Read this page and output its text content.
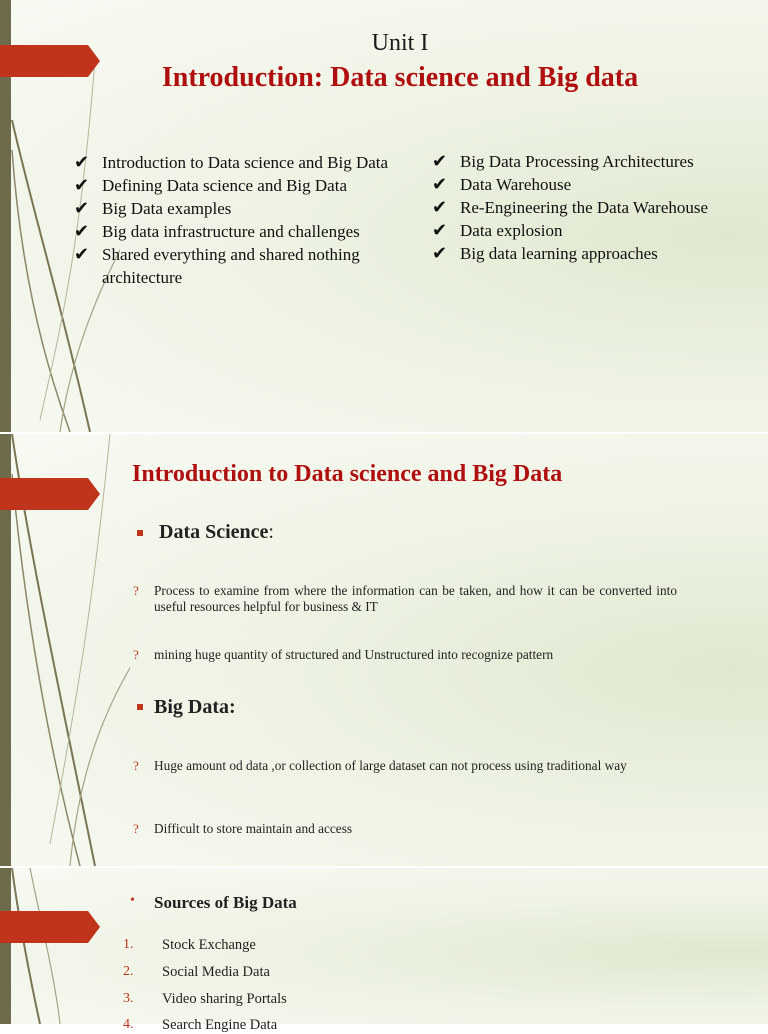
Unit I
Introduction: Data science and Big data
✔ Introduction to Data science and Big Data
✔ Defining Data science and Big Data
✔ Big Data examples
✔ Big data infrastructure and challenges
✔ Shared everything and shared nothing
architecture
✔ Big Data Processing Architectures
✔ Data Warehouse
✔ Re-Engineering the Data Warehouse
✔ Data explosion
✔ Big data learning approaches
Introduction to Data science and Big Data
Data Science:
? Process to examine from where the information can be taken, and how it can be converted into useful resources helpful for business & IT
? mining huge quantity of structured and Unstructured into recognize pattern
Big Data:
? Huge amount od data ,or collection of large dataset can not process using traditional way
? Difficult to store maintain and access
• Sources of Big Data
1. Stock Exchange
2. Social Media Data
3. Video sharing Portals
4. Search Engine Data
